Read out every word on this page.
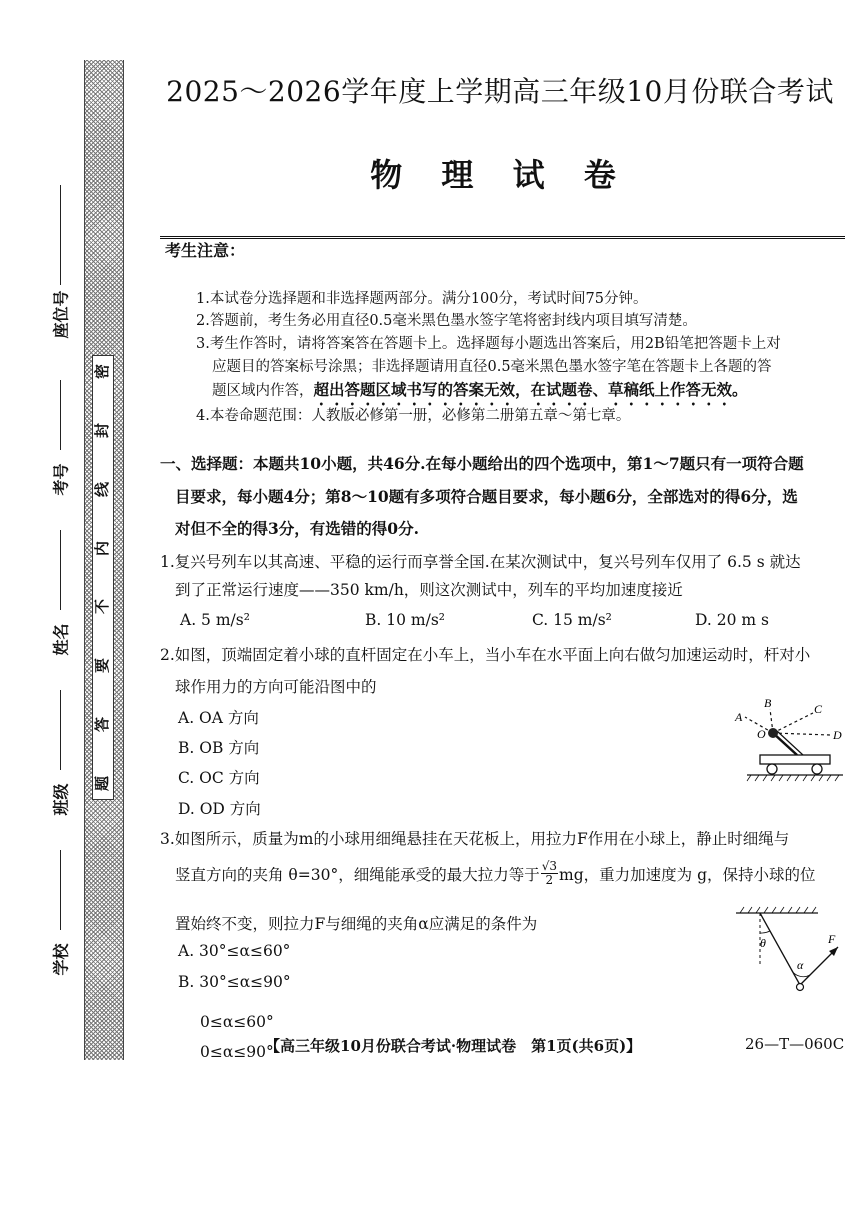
密
封
线
内
不
要
答
题
座位号
考号
姓名
班级
学校
2025～2026学年度上学期高三年级10月份联合考试
物 理 试 卷
考生注意：
1.本试卷分选择题和非选择题两部分。满分100分，考试时间75分钟。
2.答题前，考生务必用直径0.5毫米黑色墨水签字笔将密封线内项目填写清楚。
3.考生作答时，请将答案答在答题卡上。选择题每小题选出答案后，用2B铅笔把答题卡上对
应题目的答案标号涂黑；非选择题请用直径0.5毫米黑色墨水签字笔在答题卡上各题的答
题区域内作答，超出答题区域书写的答案无效，在试题卷、草稿纸上作答无效。
4.本卷命题范围：人教版必修第一册，必修第二册第五章～第七章。
一、选择题：本题共10小题，共46分.在每小题给出的四个选项中，第1～7题只有一项符合题
目要求，每小题4分；第8～10题有多项符合题目要求，每小题6分，全部选对的得6分，选
对但不全的得3分，有选错的得0分.
1.复兴号列车以其高速、平稳的运行而享誉全国.在某次测试中，复兴号列车仅用了 6.5 s 就达
到了正常运行速度——350 km/h，则这次测试中，列车的平均加速度接近
A. 5 m/s²	B. 10 m/s²	C. 15 m/s²	D. 20 m s
2.如图，顶端固定着小球的直杆固定在小车上，当小车在水平面上向右做匀加速运动时，杆对小
球作用力的方向可能沿图中的
A. OA 方向
B. OB 方向
C. OC 方向
D. OD 方向
A
B	C
O	D
3.如图所示，质量为m的小球用细绳悬挂在天花板上，用拉力F作用在小球上，静止时细绳与
竖直方向的夹角 θ=30°，细绳能承受的最大拉力等于 $\frac{√3}{2}$ mg，重力加速度为 g，保持小球的位
置始终不变，则拉力F与细绳的夹角α应满足的条件为
A. 30°≤α≤60°
B. 30°≤α≤90°
0≤α≤60°
0≤α≤90°
θ
α
F
【高三年级10月份联合考试·物理试卷　第1页(共6页)】	26—T—060C
